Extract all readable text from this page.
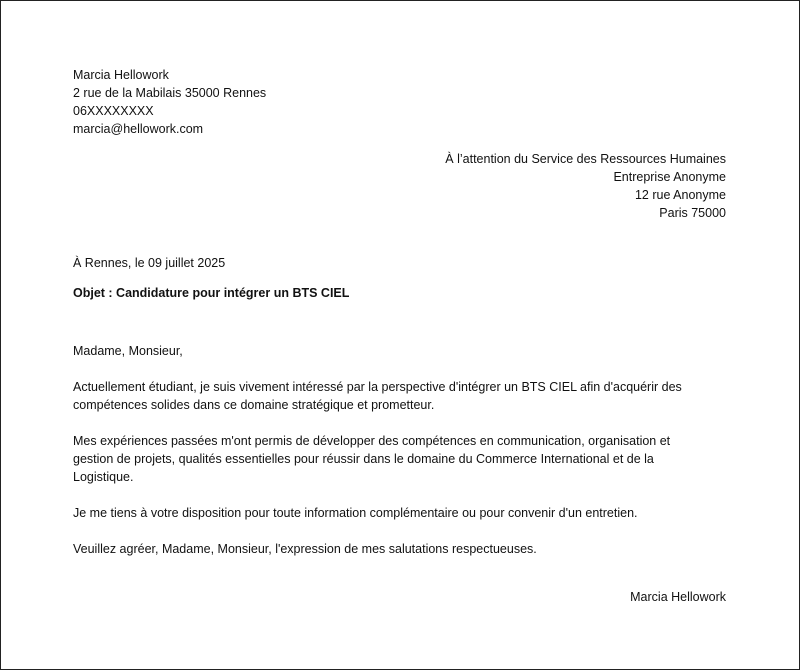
Marcia Hellowork
2 rue de la Mabilais 35000 Rennes
06XXXXXXXX
marcia@hellowork.com
À l’attention du Service des Ressources Humaines
Entreprise Anonyme
12 rue Anonyme
Paris 75000
À Rennes, le 09 juillet 2025
Objet : Candidature pour intégrer un BTS CIEL

Madame, Monsieur,

Actuellement étudiant, je suis vivement intéressé par la perspective d'intégrer un BTS CIEL afin d'acquérir des compétences solides dans ce domaine stratégique et prometteur.

Mes expériences passées m'ont permis de développer des compétences en communication, organisation et gestion de projets, qualités essentielles pour réussir dans le domaine du Commerce International et de la Logistique.

Je me tiens à votre disposition pour toute information complémentaire ou pour convenir d'un entretien.

Veuillez agréer, Madame, Monsieur, l'expression de mes salutations respectueuses.

Marcia Hellowork
